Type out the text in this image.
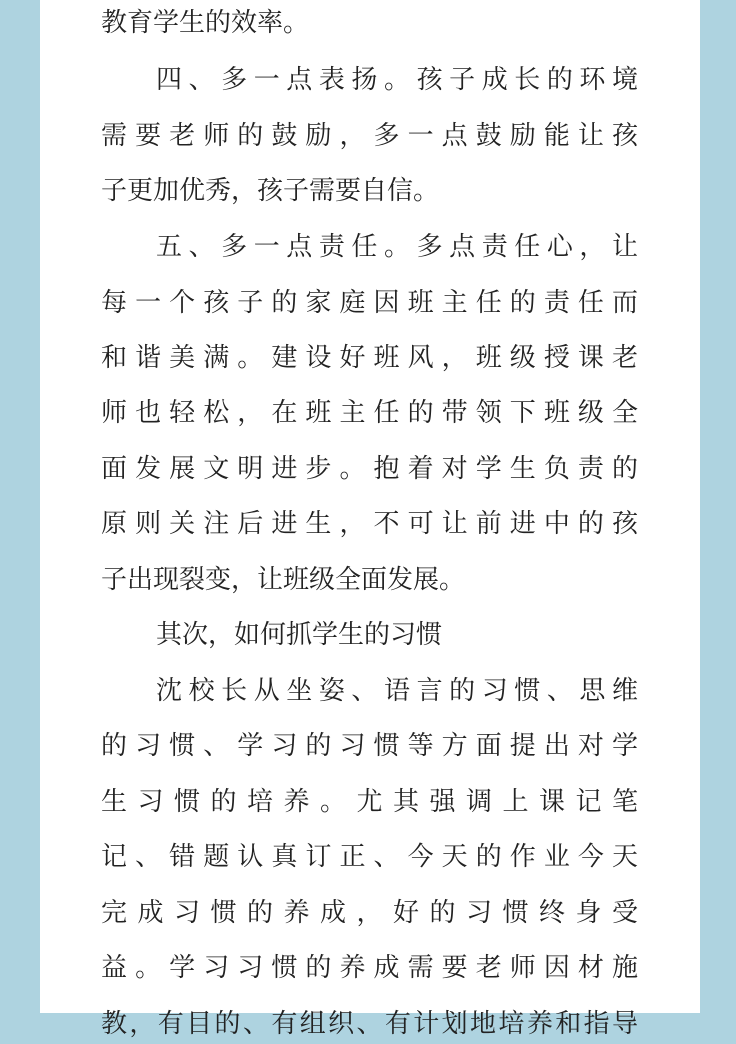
教育学生的效率。
四、多一点表扬。孩子成长的环境
需要老师的鼓励，多一点鼓励能让孩
子更加优秀，孩子需要自信。
五、多一点责任。多点责任心，让
每一个孩子的家庭因班主任的责任而
和谐美满。建设好班风，班级授课老
师也轻松，在班主任的带领下班级全
面发展文明进步。抱着对学生负责的
原则关注后进生，不可让前进中的孩
子出现裂变，让班级全面发展。
其次，如何抓学生的习惯
沈校长从坐姿、语言的习惯、思维
的习惯、学习的习惯等方面提出对学
生习惯的培养。尤其强调上课记笔
记、错题认真订正、今天的作业今天
完成习惯的养成，好的习惯终身受
益。学习习惯的养成需要老师因材施
教，有目的、有组织、有计划地培养和指导
